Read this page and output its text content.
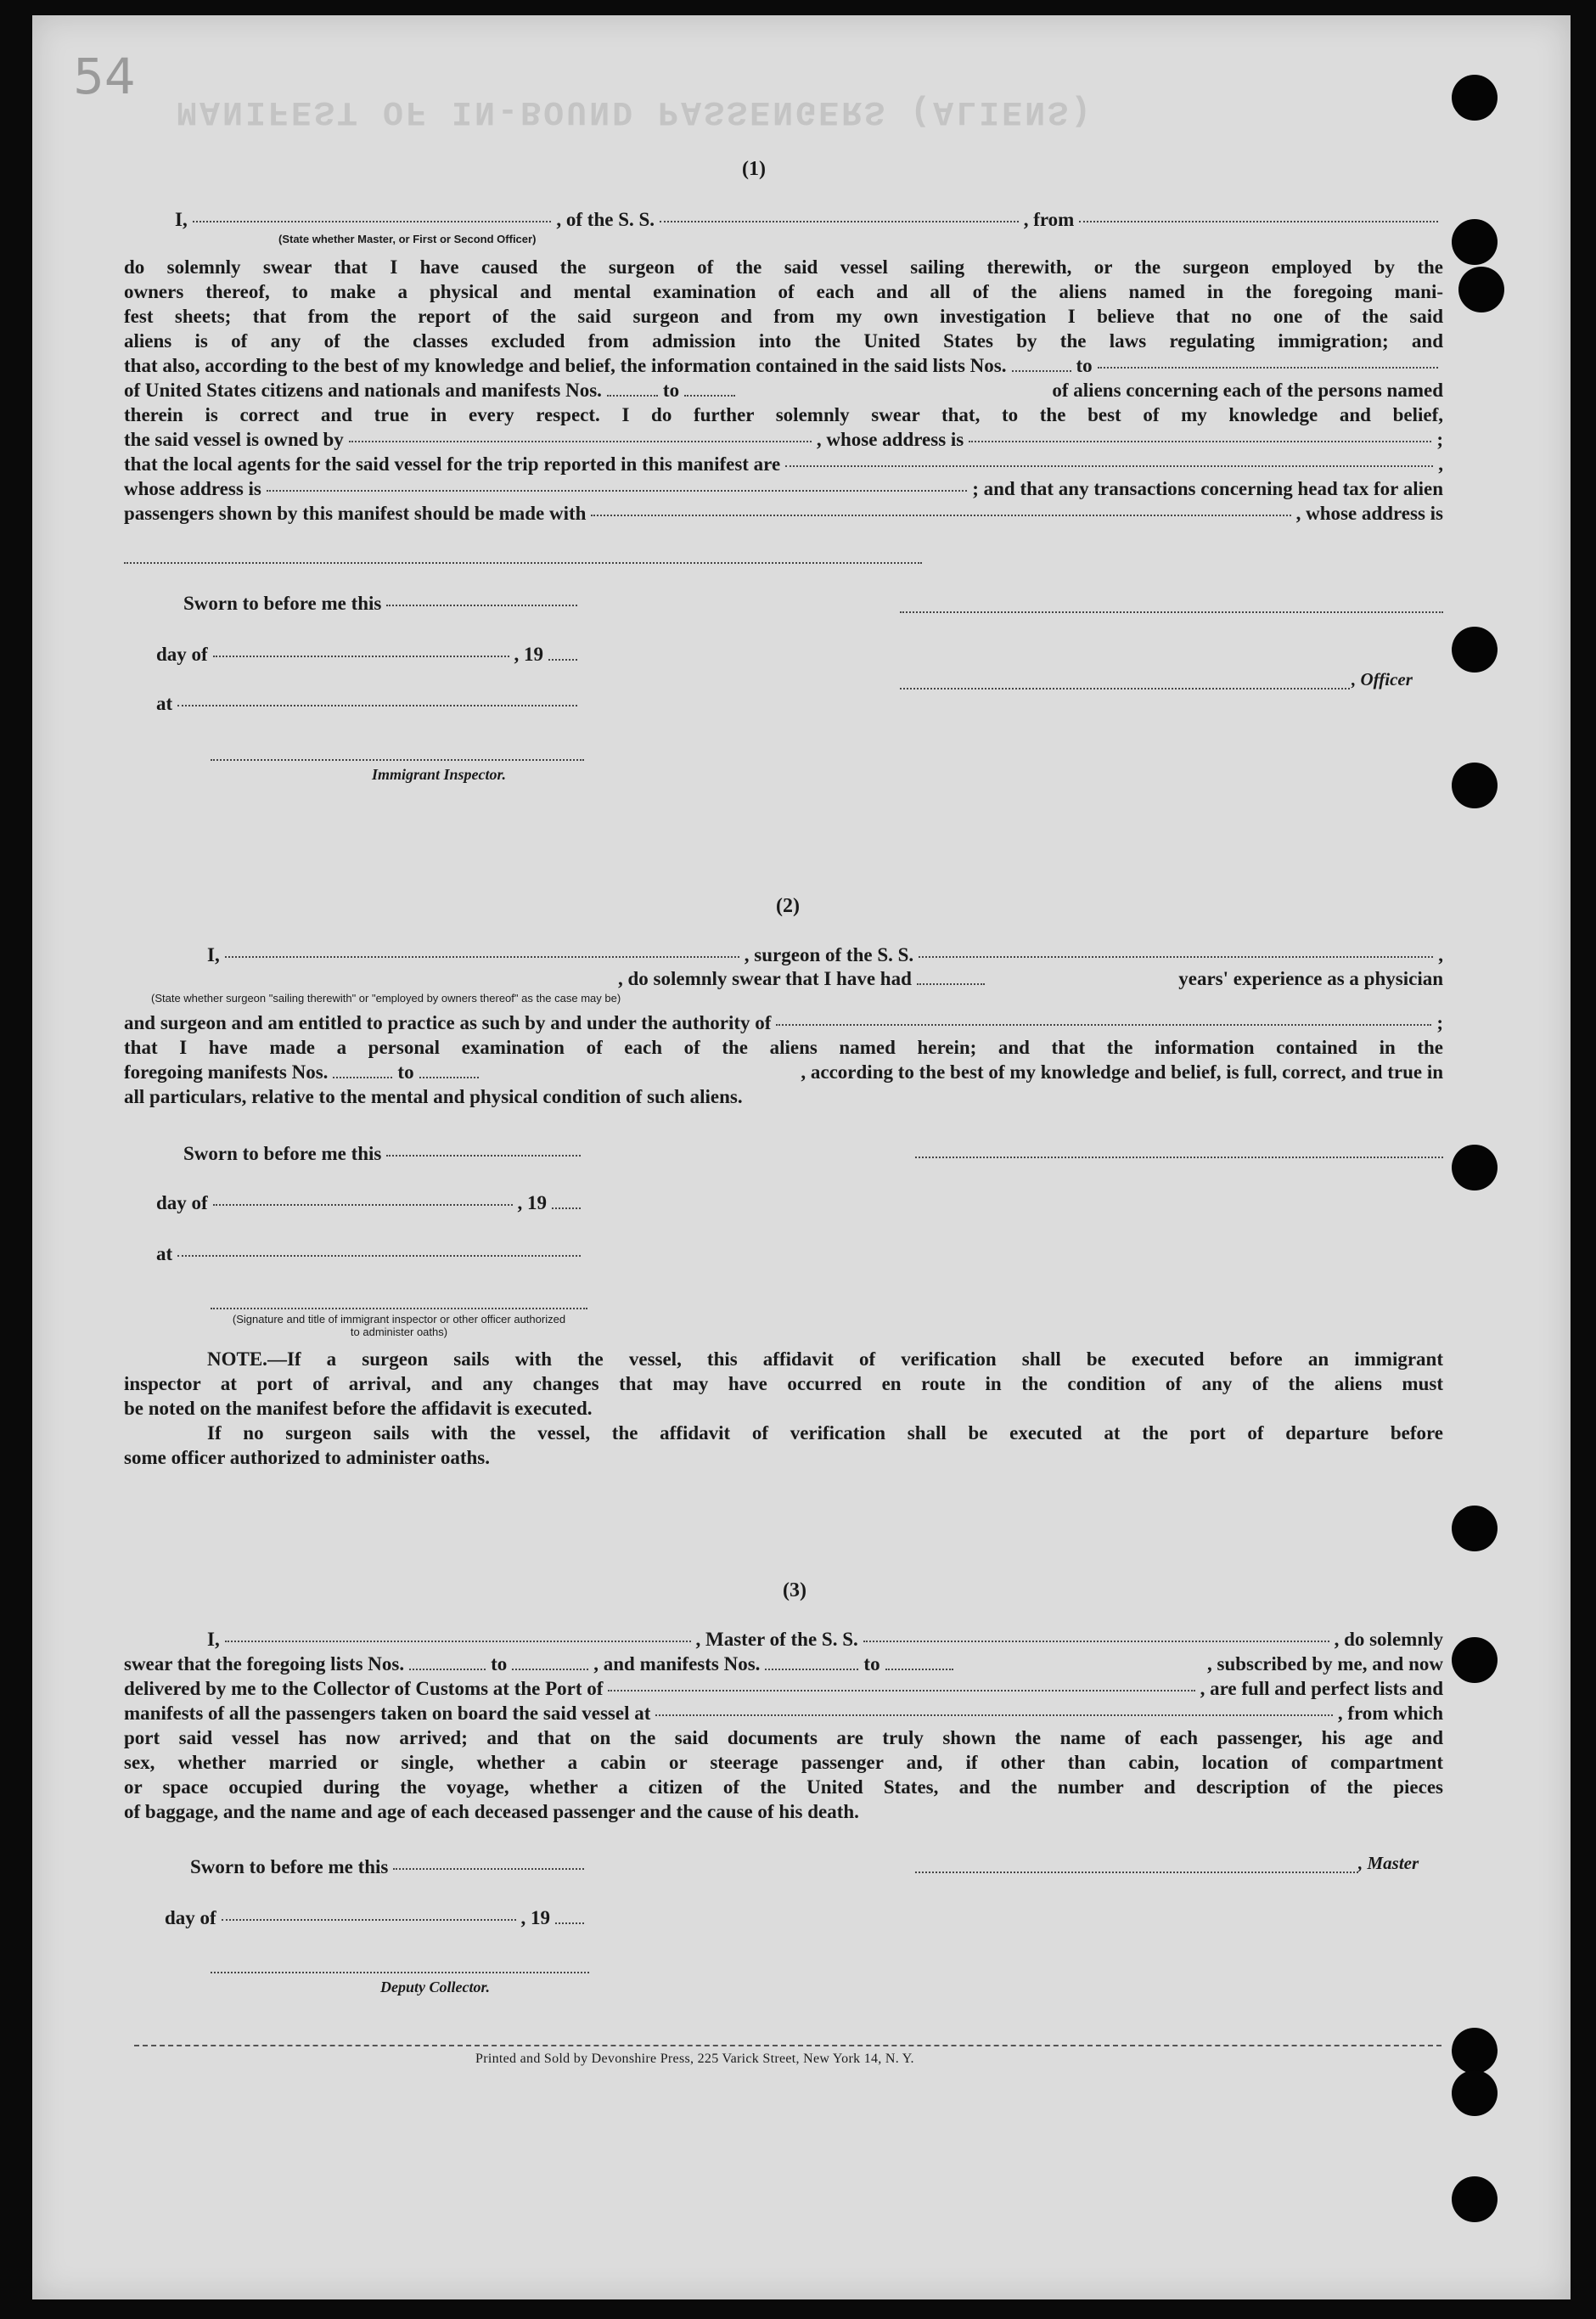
MANIFEST OF IN-BOUND PASSENGERS (ALIENS)
54
(1)
I,	, of the S. S.	, from
(State whether Master, or First or Second Officer)
do solemnly swear that I have caused the surgeon of the said vessel sailing therewith, or the surgeon employed by the
owners thereof, to make a physical and mental examination of each and all of the aliens named in the foregoing mani-
fest sheets; that from the report of the said surgeon and from my own investigation I believe that no one of the said
aliens is of any of the classes excluded from admission into the United States by the laws regulating immigration; and
that also, according to the best of my knowledge and belief, the information contained in the said lists Nos.	to
of United States citizens and nationals and manifests Nos.	to	of aliens concerning each of the persons named
therein is correct and true in every respect. I do further solemnly swear that, to the best of my knowledge and belief,
the said vessel is owned by	, whose address is	;
that the local agents for the said vessel for the trip reported in this manifest are	,
whose address is	; and that any transactions concerning head tax for alien
passengers shown by this manifest should be made with	, whose address is
Sworn to before me this
day of	, 19
at
Immigrant Inspector.
, Officer
(2)
I,	, surgeon of the S. S.	,
, do solemnly swear that I have had	years' experience as a physician
(State whether surgeon "sailing therewith" or "employed by owners thereof" as the case may be)
and surgeon and am entitled to practice as such by and under the authority of	;
that I have made a personal examination of each of the aliens named herein; and that the information contained in the
foregoing manifests Nos.	to	, according to the best of my knowledge and belief, is full, correct, and true in
all particulars, relative to the mental and physical condition of such aliens.
Sworn to before me this
day of	, 19
at
(Signature and title of immigrant inspector or other officer authorized to administer oaths)
NOTE.—If a surgeon sails with the vessel, this affidavit of verification shall be executed before an immigrant
inspector at port of arrival, and any changes that may have occurred en route in the condition of any of the aliens must
be noted on the manifest before the affidavit is executed.
If no surgeon sails with the vessel, the affidavit of verification shall be executed at the port of departure before
some officer authorized to administer oaths.
(3)
I,	, Master of the S. S.	, do solemnly
swear that the foregoing lists Nos.	to	, and manifests Nos.	to	, subscribed by me, and now
delivered by me to the Collector of Customs at the Port of	, are full and perfect lists and
manifests of all the passengers taken on board the said vessel at	, from which
port said vessel has now arrived; and that on the said documents are truly shown the name of each passenger, his age and
sex, whether married or single, whether a cabin or steerage passenger and, if other than cabin, location of compartment
or space occupied during the voyage, whether a citizen of the United States, and the number and description of the pieces
of baggage, and the name and age of each deceased passenger and the cause of his death.
Sworn to before me this
day of	, 19
Deputy Collector.
, Master
Printed and Sold by Devonshire Press, 225 Varick Street, New York 14, N. Y.
